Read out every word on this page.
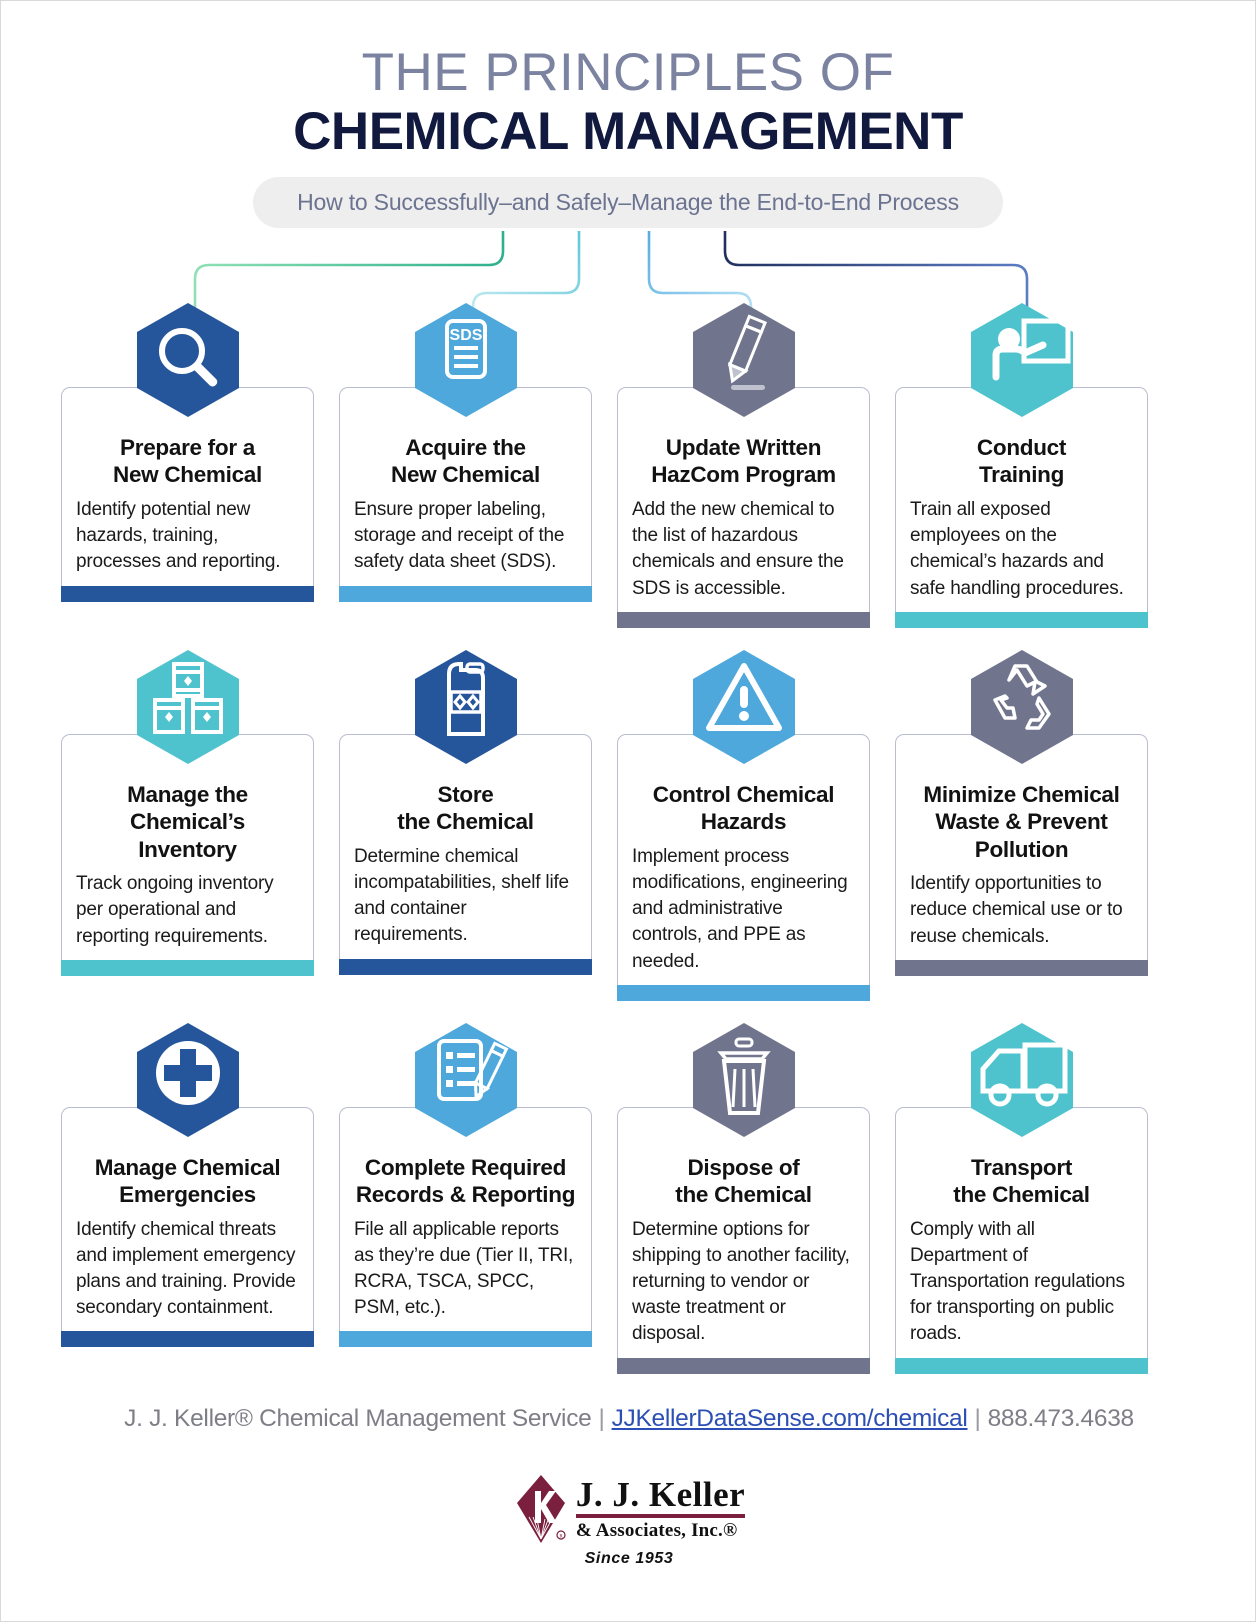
THE PRINCIPLES OF
CHEMICAL MANAGEMENT
How to Successfully–and Safely–Manage the End-to-End Process
Prepare for a
New Chemical
Identify potential new hazards, training, processes and reporting.
SDS
Acquire the
New Chemical
Ensure proper labeling, storage and receipt of the safety data sheet (SDS).
Update Written
HazCom Program
Add the new chemical to the list of hazardous chemicals and ensure the SDS is accessible.
Conduct
Training
Train all exposed employees on the chemical’s hazards and safe handling procedures.
Manage the
Chemical’s
Inventory
Track ongoing inventory per operational and reporting requirements.
Store
the Chemical
Determine chemical incompatabilities, shelf life and container requirements.
Control Chemical
Hazards
Implement process modifications, engineering and administrative controls, and PPE as needed.
Minimize Chemical
Waste & Prevent
Pollution
Identify opportunities to reduce chemical use or to reuse chemicals.
Manage Chemical
Emergencies
Identify chemical threats and implement emergency plans and training. Provide secondary containment.
Complete Required
Records & Reporting
File all applicable reports as they’re due (Tier II, TRI, RCRA, TSCA, SPCC, PSM, etc.).
Dispose of
the Chemical
Determine options for shipping to another facility, returning to vendor or waste treatment or disposal.
Transport
the Chemical
Comply with all Department of Transportation regulations for transporting on public roads.
J. J. Keller® Chemical Management Service | JJKellerDataSense.com/chemical | 888.473.4638
R
J. J. Keller
& Associates, Inc.®
Since 1953
